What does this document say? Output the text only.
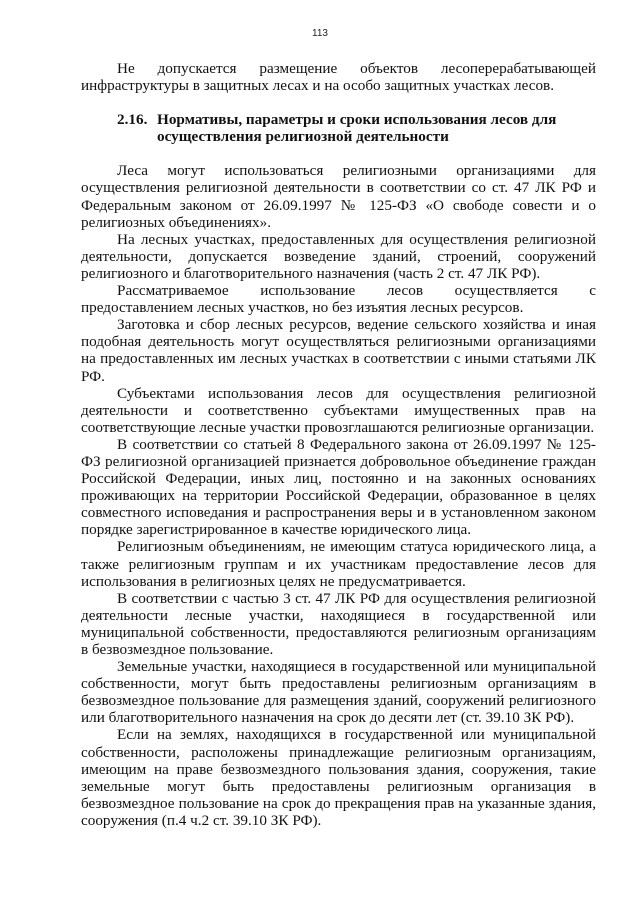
113

Не допускается размещение объектов лесоперерабатывающей инфраструктуры в защитных лесах и на особо защитных участках лесов.

2.16. Нормативы, параметры и сроки использования лесов для
осуществления религиозной деятельности

Леса могут использоваться религиозными организациями для осуществления религиозной деятельности в соответствии со ст. 47 ЛК РФ и Федеральным законом от 26.09.1997 № 125-ФЗ «О свободе совести и о религиозных объединениях».

На лесных участках, предоставленных для осуществления религиозной деятельности, допускается возведение зданий, строений, сооружений религиозного и благотворительного назначения (часть 2 ст. 47 ЛК РФ).

Рассматриваемое использование лесов осуществляется с предоставлением лесных участков, но без изъятия лесных ресурсов.

Заготовка и сбор лесных ресурсов, ведение сельского хозяйства и иная подобная деятельность могут осуществляться религиозными организациями на предоставленных им лесных участках в соответствии с иными статьями ЛК РФ.

Субъектами использования лесов для осуществления религиозной деятельности и соответственно субъектами имущественных прав на соответствующие лесные участки провозглашаются религиозные организации.

В соответствии со статьей 8 Федерального закона от 26.09.1997 № 125-ФЗ религиозной организацией признается добровольное объединение граждан Российской Федерации, иных лиц, постоянно и на законных основаниях проживающих на территории Российской Федерации, образованное в целях совместного исповедания и распространения веры и в установленном законом порядке зарегистрированное в качестве юридического лица.

Религиозным объединениям, не имеющим статуса юридического лица, а также религиозным группам и их участникам предоставление лесов для использования в религиозных целях не предусматривается.

В соответствии с частью 3 ст. 47 ЛК РФ для осуществления религиозной деятельности лесные участки, находящиеся в государственной или муниципальной собственности, предоставляются религиозным организациям в безвозмездное пользование.

Земельные участки, находящиеся в государственной или муниципальной собственности, могут быть предоставлены религиозным организациям в безвозмездное пользование для размещения зданий, сооружений религиозного или благотворительного назначения на срок до десяти лет (ст. 39.10 ЗК РФ).

Если на землях, находящихся в государственной или муниципальной собственности, расположены принадлежащие религиозным организациям, имеющим на праве безвозмездного пользования здания, сооружения, такие земельные могут быть предоставлены религиозным организация в безвозмездное пользование на срок до прекращения прав на указанные здания, сооружения (п.4 ч.2 ст. 39.10 ЗК РФ).
